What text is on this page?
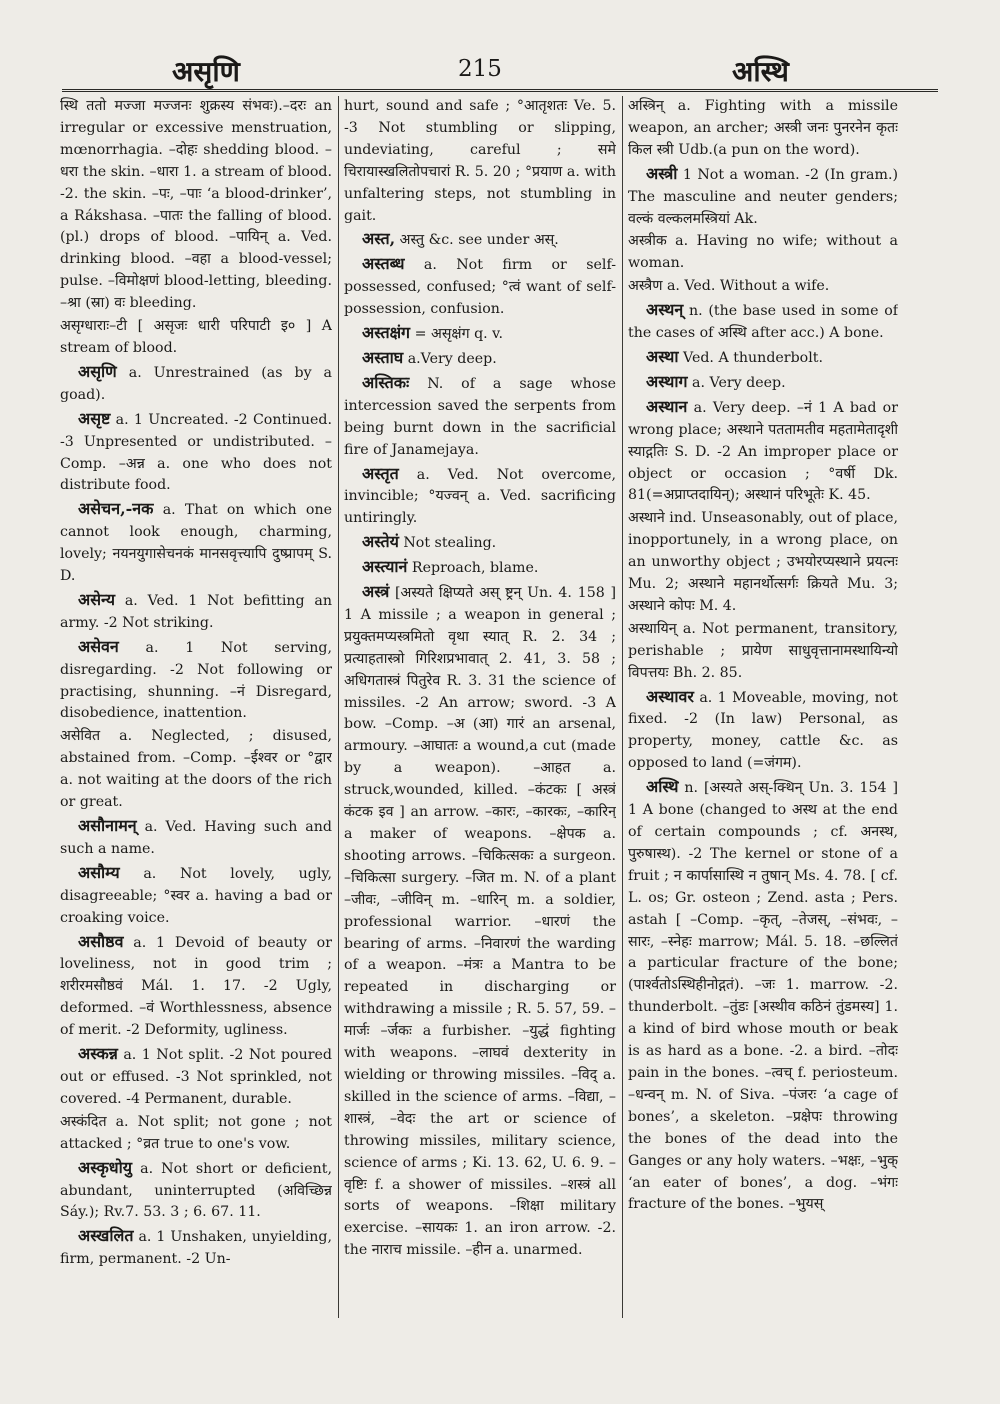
असृणि	215	अस्थि

स्थि ततो मज्जा मज्जनः शुक्रस्य संभवः).–दरः an irregular or excessive menstruation, mœnorrhagia. –दोहः shedding blood. –धरा the skin. –धारा 1. a stream of blood. -2. the skin. –पः, –पाः ‘a blood-drinker’, a Rákshasa. –पातः the falling of blood. (pl.) drops of blood. –पायिन् a. Ved. drinking blood. –वहा a blood-vessel; pulse. –विमोक्षणं blood-letting, bleeding. –श्रा (स्रा) वः bleeding.

असृग्धाराः–टी [ असृजः धारी परिपाटी इ० ] A stream of blood.

असृणि a. Unrestrained (as by a goad).

असृष्ट a. 1 Uncreated. -2 Continued. -3 Unpresented or undistributed. –Comp. –अन्न a. one who does not distribute food.

असेचन,-नक a. That on which one cannot look enough, charming, lovely; नयनयुगासेचनकं मानसवृत्त्यापि दुष्प्रापम् S. D.

असेन्य a. Ved. 1 Not befitting an army. -2 Not striking.

असेवन a. 1 Not serving, disregarding. -2 Not following or practising, shunning. –नं Disregard, disobedience, inattention.

असेवित a. Neglected, ; disused, abstained from. –Comp. –ईश्वर or °द्वार a. not waiting at the doors of the rich or great.

असौनामन् a. Ved. Having such and such a name.

असौम्य a. Not lovely, ugly, disagreeable; °स्वर a. having a bad or croaking voice.

असौष्ठव a. 1 Devoid of beauty or loveliness, not in good trim ; शरीरमसौष्ठवं Mál. 1. 17. -2 Ugly, deformed. –वं Worthlessness, absence of merit. -2 Deformity, ugliness.

अस्कन्न a. 1 Not split. -2 Not poured out or effused. -3 Not sprinkled, not covered. -4 Permanent, durable.

अस्कंदित a. Not split; not gone ; not attacked ; °व्रत true to one's vow.

अस्कृधोयु a. Not short or deficient, abundant, uninterrupted (अविच्छिन्न Sáy.); Rv.7. 53. 3 ; 6. 67. 11.

अस्खलित a. 1 Unshaken, unyielding, firm, permanent. -2 Un-

hurt, sound and safe ; °आतृशतः Ve. 5. -3 Not stumbling or slipping, undeviating, careful ; समे चिरायास्खलितोपचारां R. 5. 20 ; °प्रयाण a. with unfaltering steps, not stumbling in gait.

अस्त, अस्तु &c. see under अस्.

अस्तब्ध a. Not firm or self-possessed, confused; °त्वं want of self-possession, confusion.

अस्तक्षंग = असृक्षंग q. v.

अस्ताघ a.Very deep.

अस्तिकः N. of a sage whose intercession saved the serpents from being burnt down in the sacrificial fire of Janamejaya.

अस्तृत a. Ved. Not overcome, invincible; °यज्वन् a. Ved. sacrificing untiringly.

अस्तेयं Not stealing.

अस्त्यानं Reproach, blame.

अस्त्रं [अस्यते क्षिप्यते अस् ष्ट्रन् Un. 4. 158 ] 1 A missile ; a weapon in general ; प्रयुक्तमप्यस्त्रमितो वृथा स्यात् R. 2. 34 ; प्रत्याहतास्त्रो गिरिशप्रभावात् 2. 41, 3. 58 ; अधिगतास्त्रं पितुरेव R. 3. 31 the science of missiles. -2 An arrow; sword. -3 A bow. –Comp. –अ (आ) गारं an arsenal, armoury. –आघातः a wound,a cut (made by a weapon). –आहत a. struck,wounded, killed. –कंटकः [ अस्त्रं कंटक इव ] an arrow. –कारः, –कारकः, –कारिन् a maker of weapons. –क्षेपक a. shooting arrows. –चिकित्सकः a surgeon. –चिकित्सा surgery. –जित m. N. of a plant –जीवः, –जीविन् m. –धारिन् m. a soldier, professional warrior. –धारणं the bearing of arms. –निवारणं the warding of a weapon. –मंत्रः a Mantra to be repeated in discharging or withdrawing a missile ; R. 5. 57, 59. –मार्जः –र्जकः a furbisher. –युद्धं fighting with weapons. –लाघवं dexterity in wielding or throwing missiles. –विद् a. skilled in the science of arms. –विद्या, –शास्त्रं, –वेदः the art or science of throwing missiles, military science, science of arms ; Ki. 13. 62, U. 6. 9. –वृष्टिः f. a shower of missiles. –शस्त्रं all sorts of weapons. –शिक्षा military exercise. –सायकः 1. an iron arrow. -2. the नाराच missile. –हीन a. unarmed.

अस्त्रिन् a. Fighting with a missile weapon, an archer; अस्त्री जनः पुनरनेन कृतः किल स्त्री Udb.(a pun on the word).

अस्त्री 1 Not a woman. -2 (In gram.) The masculine and neuter genders; वल्कं वल्कलमस्त्रियां Ak.

अस्त्रीक a. Having no wife; without a woman.

अस्त्रैण a. Ved. Without a wife.

अस्थन् n. (the base used in some of the cases of अस्थि after acc.) A bone.

अस्था Ved. A thunderbolt.

अस्थाग a. Very deep.

अस्थान a. Very deep. –नं 1 A bad or wrong place; अस्थाने पततामतीव महतामेतादृशी स्याद्गतिः S. D. -2 An improper place or object or occasion ; °वर्षी Dk. 81(=अप्राप्तदायिन्); अस्थानं परिभूतेः K. 45.

अस्थाने ind. Unseasonably, out of place, inopportunely, in a wrong place, on an unworthy object ; उभयोरप्यस्थाने प्रयत्नः Mu. 2; अस्थाने महानर्थोत्सर्गः क्रियते Mu. 3; अस्थाने कोपः M. 4.

अस्थायिन् a. Not permanent, transitory, perishable ; प्रायेण साधुवृत्तानामस्थायिन्यो विपत्तयः Bh. 2. 85.

अस्थावर a. 1 Moveable, moving, not fixed. -2 (In law) Personal, as property, money, cattle &c. as opposed to land (=जंगम).

अस्थि n. [अस्यते अस्-क्थिन् Un. 3. 154 ] 1 A bone (changed to अस्थ at the end of certain compounds ; cf. अनस्थ, पुरुषास्थ). -2 The kernel or stone of a fruit ; न कार्पासास्थि न तुषान् Ms. 4. 78. [ cf. L. os; Gr. osteon ; Zend. asta ; Pers. astah [ –Comp. –कृत्, –तेजस्, –संभवः, –सारः, –स्नेहः marrow; Mál. 5. 18. –छल्लितं a particular fracture of the bone; (पार्श्वतोऽस्थिहीनोद्गतं). –जः 1. marrow. -2. thunderbolt. –तुंडः [अस्थीव कठिनं तुंडमस्य] 1. a kind of bird whose mouth or beak is as hard as a bone. -2. a bird. –तोदः pain in the bones. –त्वच् f. periosteum. –धन्वन् m. N. of Siva. –पंजरः ‘a cage of bones’, a skeleton. –प्रक्षेपः throwing the bones of the dead into the Ganges or any holy waters. –भक्षः, –भुक् ‘an eater of bones’, a dog. –भंगः fracture of the bones. –भुयस्
